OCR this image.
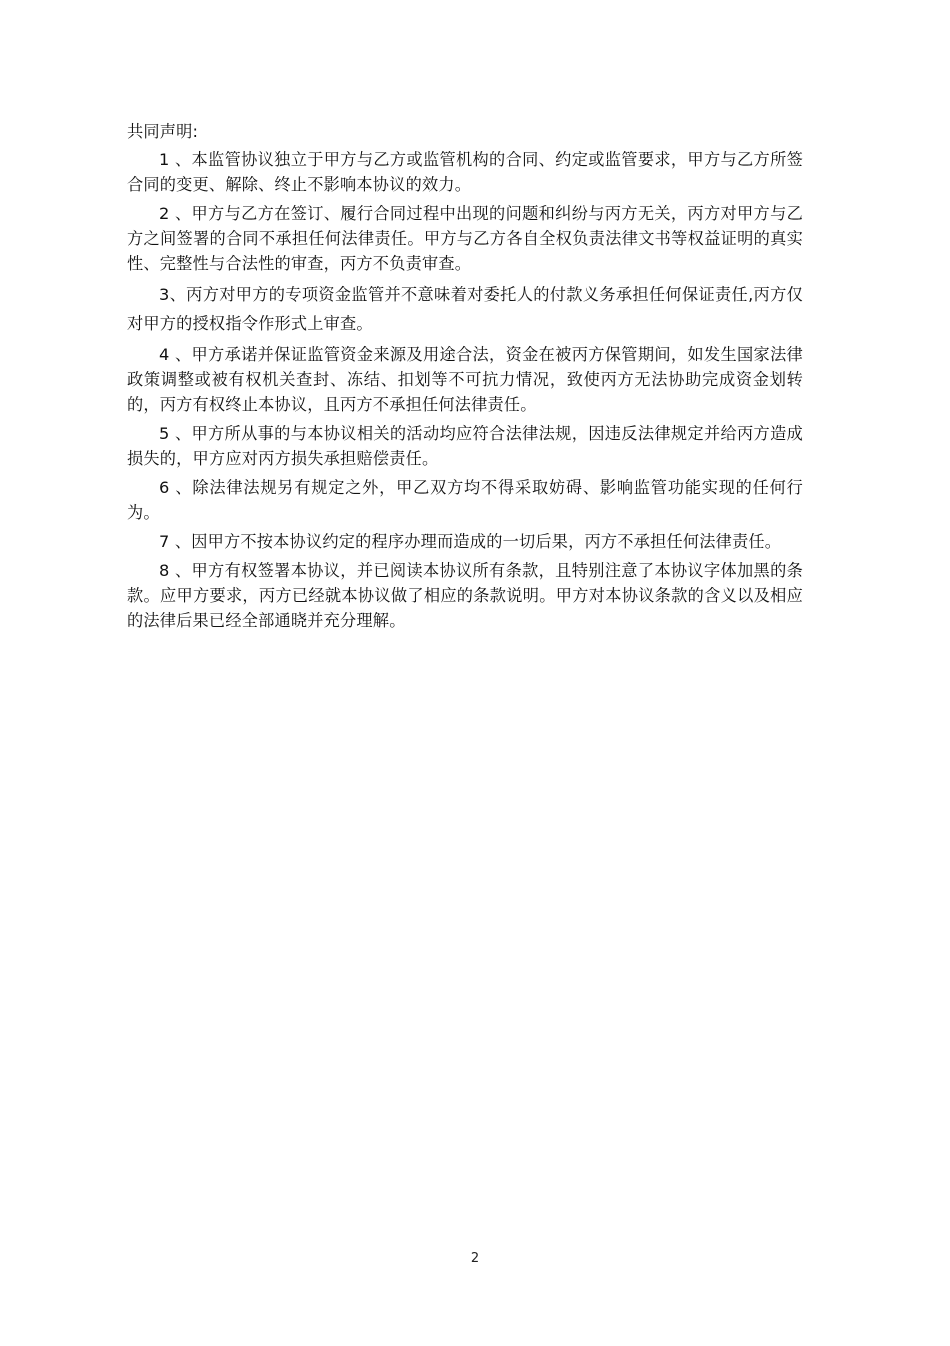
共同声明:

1 、本监管协议独立于甲方与乙方或监管机构的合同、约定或监管要求，甲方与乙方所签合同的变更、解除、终止不影响本协议的效力。

2 、甲方与乙方在签订、履行合同过程中出现的问题和纠纷与丙方无关，丙方对甲方与乙方之间签署的合同不承担任何法律责任。甲方与乙方各自全权负责法律文书等权益证明的真实性、完整性与合法性的审查，丙方不负责审查。

3、丙方对甲方的专项资金监管并不意味着对委托人的付款义务承担任何保证责任,丙方仅对甲方的授权指令作形式上审查。

4 、甲方承诺并保证监管资金来源及用途合法，资金在被丙方保管期间，如发生国家法律政策调整或被有权机关查封、冻结、扣划等不可抗力情况，致使丙方无法协助完成资金划转的，丙方有权终止本协议，且丙方不承担任何法律责任。

5 、甲方所从事的与本协议相关的活动均应符合法律法规，因违反法律规定并给丙方造成损失的，甲方应对丙方损失承担赔偿责任。

6 、除法律法规另有规定之外，甲乙双方均不得采取妨碍、影响监管功能实现的任何行为。

7 、因甲方不按本协议约定的程序办理而造成的一切后果，丙方不承担任何法律责任。

8 、甲方有权签署本协议，并已阅读本协议所有条款，且特别注意了本协议字体加黑的条款。应甲方要求，丙方已经就本协议做了相应的条款说明。甲方对本协议条款的含义以及相应的法律后果已经全部通晓并充分理解。

2
